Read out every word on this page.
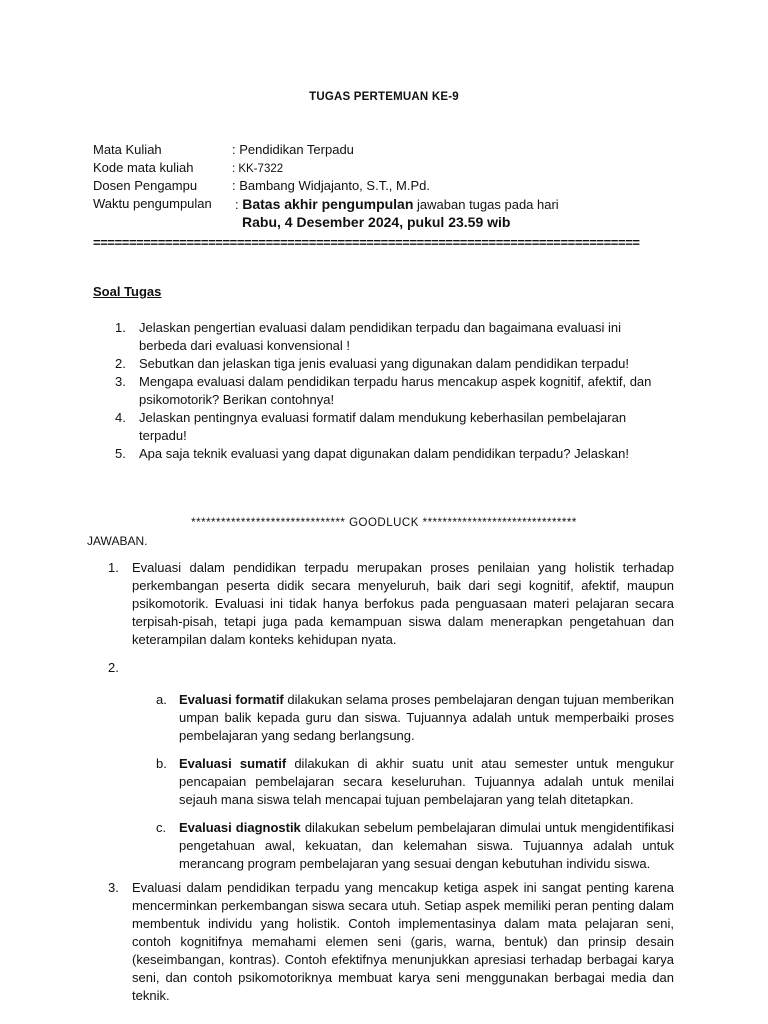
TUGAS PERTEMUAN KE-9
Mata Kuliah	: Pendidikan Terpadu
Kode mata kuliah	: KK-7322
Dosen Pengampu	: Bambang Widjajanto, S.T., M.Pd.
Waktu pengumpulan : Batas akhir pengumpulan jawaban tugas pada hari
Rabu, 4 Desember 2024, pukul 23.59 wib
============================================================================
Soal Tugas
1. Jelaskan pengertian evaluasi dalam pendidikan terpadu dan bagaimana evaluasi ini berbeda dari evaluasi konvensional !
2. Sebutkan dan jelaskan tiga jenis evaluasi yang digunakan dalam pendidikan terpadu!
3. Mengapa evaluasi dalam pendidikan terpadu harus mencakup aspek kognitif, afektif, dan psikomotorik? Berikan contohnya!
4. Jelaskan pentingnya evaluasi formatif dalam mendukung keberhasilan pembelajaran terpadu!
5. Apa saja teknik evaluasi yang dapat digunakan dalam pendidikan terpadu? Jelaskan!
******************************* GOODLUCK *******************************
JAWABAN.
1. Evaluasi dalam pendidikan terpadu merupakan proses penilaian yang holistik terhadap perkembangan peserta didik secara menyeluruh, baik dari segi kognitif, afektif, maupun psikomotorik. Evaluasi ini tidak hanya berfokus pada penguasaan materi pelajaran secara terpisah-pisah, tetapi juga pada kemampuan siswa dalam menerapkan pengetahuan dan keterampilan dalam konteks kehidupan nyata.
2.
a. Evaluasi formatif dilakukan selama proses pembelajaran dengan tujuan memberikan umpan balik kepada guru dan siswa. Tujuannya adalah untuk memperbaiki proses pembelajaran yang sedang berlangsung.
b. Evaluasi sumatif dilakukan di akhir suatu unit atau semester untuk mengukur pencapaian pembelajaran secara keseluruhan. Tujuannya adalah untuk menilai sejauh mana siswa telah mencapai tujuan pembelajaran yang telah ditetapkan.
c. Evaluasi diagnostik dilakukan sebelum pembelajaran dimulai untuk mengidentifikasi pengetahuan awal, kekuatan, dan kelemahan siswa. Tujuannya adalah untuk merancang program pembelajaran yang sesuai dengan kebutuhan individu siswa.
3. Evaluasi dalam pendidikan terpadu yang mencakup ketiga aspek ini sangat penting karena mencerminkan perkembangan siswa secara utuh. Setiap aspek memiliki peran penting dalam membentuk individu yang holistik. Contoh implementasinya dalam mata pelajaran seni, contoh kognitifnya memahami elemen seni (garis, warna, bentuk) dan prinsip desain (keseimbangan, kontras). Contoh efektifnya menunjukkan apresiasi terhadap berbagai karya seni, dan contoh psikomotoriknya membuat karya seni menggunakan berbagai media dan teknik.
